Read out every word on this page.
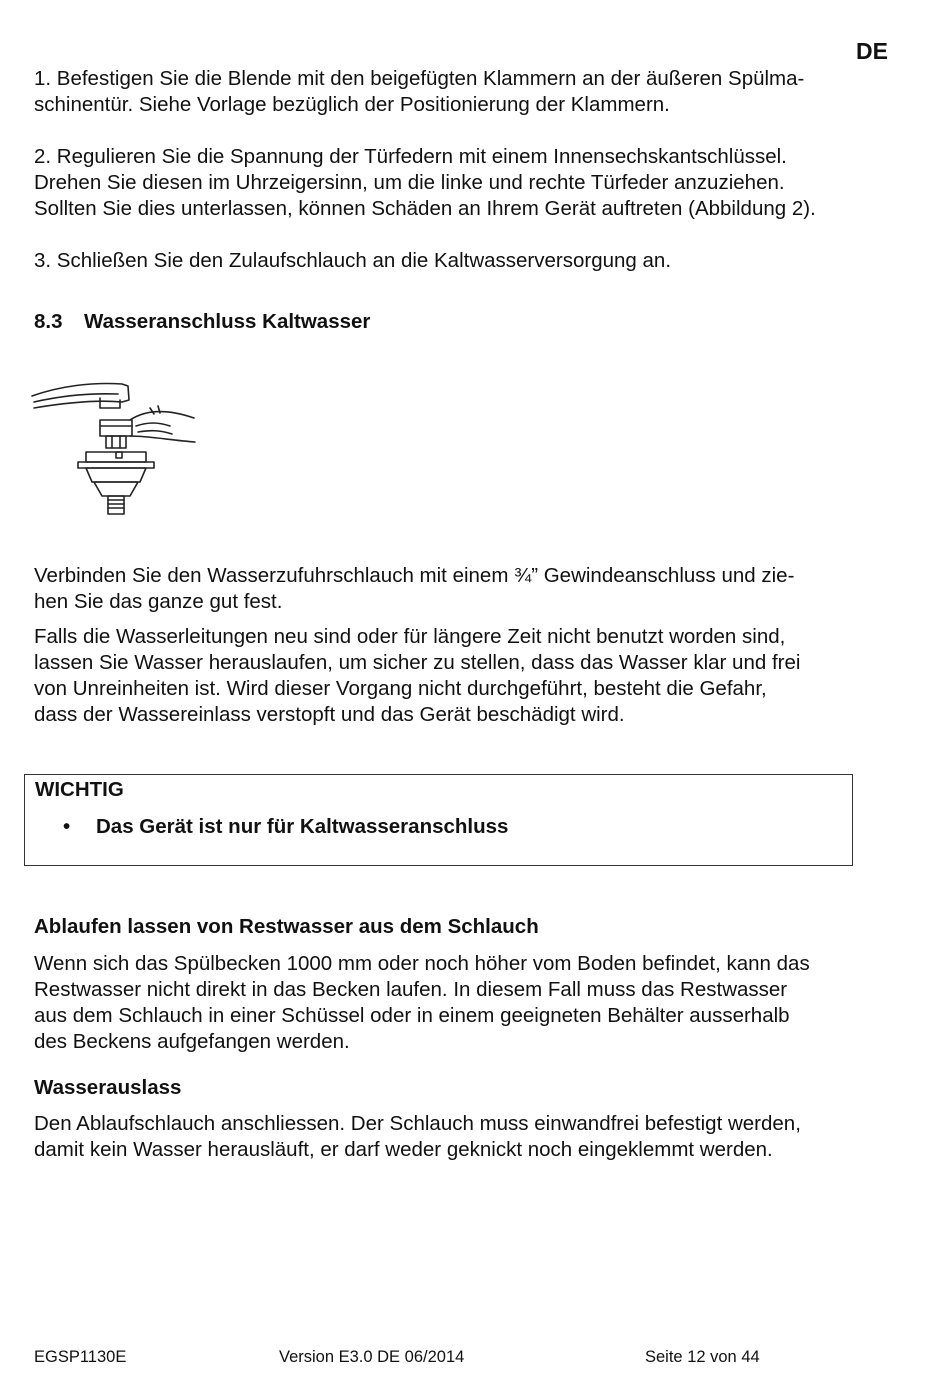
DE

1. Befestigen Sie die Blende mit den beigefügten Klammern an der äußeren Spülma-
schinentür. Siehe Vorlage bezüglich der Positionierung der Klammern.

2. Regulieren Sie die Spannung der Türfedern mit einem Innensechskantschlüssel.
Drehen Sie diesen im Uhrzeigersinn, um die linke und rechte Türfeder anzuziehen.
Sollten Sie dies unterlassen, können Schäden an Ihrem Gerät auftreten (Abbildung 2).

3. Schließen Sie den Zulaufschlauch an die Kaltwasserversorgung an.

8.3 Wasseranschluss Kaltwasser

Verbinden Sie den Wasserzufuhrschlauch mit einem ¾” Gewindeanschluss und zie-
hen Sie das ganze gut fest.

Falls die Wasserleitungen neu sind oder für längere Zeit nicht benutzt worden sind,
lassen Sie Wasser herauslaufen, um sicher zu stellen, dass das Wasser klar und frei
von Unreinheiten ist. Wird dieser Vorgang nicht durchgeführt, besteht die Gefahr,
dass der Wassereinlass verstopft und das Gerät beschädigt wird.

WICHTIG
•	Das Gerät ist nur für Kaltwasseranschluss
Ablaufen lassen von Restwasser aus dem Schlauch

Wenn sich das Spülbecken 1000 mm oder noch höher vom Boden befindet, kann das
Restwasser nicht direkt in das Becken laufen. In diesem Fall muss das Restwasser
aus dem Schlauch in einer Schüssel oder in einem geeigneten Behälter ausserhalb
des Beckens aufgefangen werden.

Wasserauslass

Den Ablaufschlauch anschliessen. Der Schlauch muss einwandfrei befestigt werden,
damit kein Wasser herausläuft, er darf weder geknickt noch eingeklemmt werden.

EGSP1130E	Version E3.0 DE 06/2014	Seite 12 von 44
